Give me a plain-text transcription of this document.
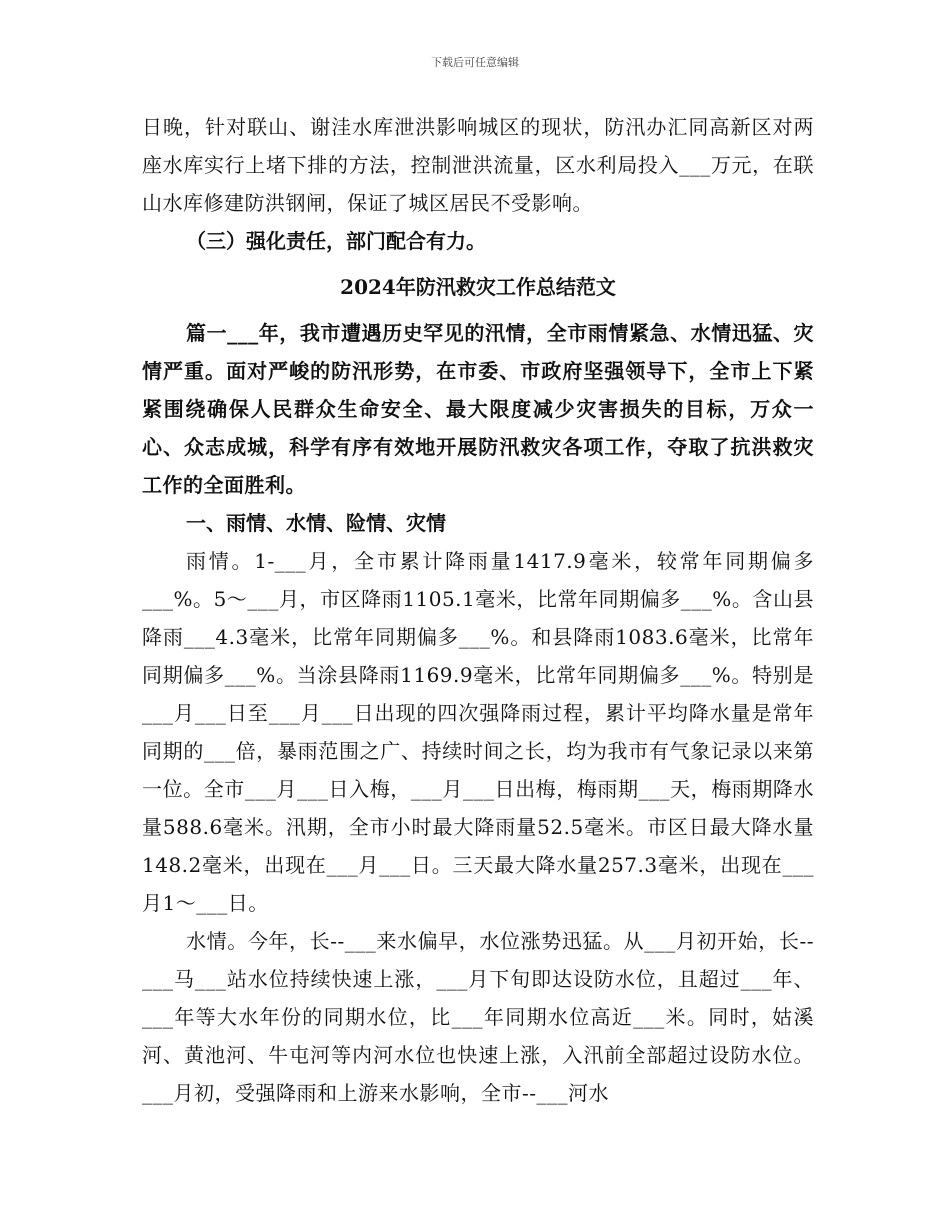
下载后可任意编辑

日晚，针对联山、谢洼水库泄洪影响城区的现状，防汛办汇同高新区对两座水库实行上堵下排的方法，控制泄洪流量，区水利局投入___万元，在联山水库修建防洪钢闸，保证了城区居民不受影响。

（三）强化责任，部门配合有力。

2024年防汛救灾工作总结范文

篇一___年，我市遭遇历史罕见的汛情，全市雨情紧急、水情迅猛、灾情严重。面对严峻的防汛形势，在市委、市政府坚强领导下，全市上下紧紧围绕确保人民群众生命安全、最大限度减少灾害损失的目标，万众一心、众志成城，科学有序有效地开展防汛救灾各项工作，夺取了抗洪救灾工作的全面胜利。

一、雨情、水情、险情、灾情

雨情。1-___月，全市累计降雨量1417.9毫米，较常年同期偏多___%。5～___月，市区降雨1105.1毫米，比常年同期偏多___%。含山县降雨___4.3毫米，比常年同期偏多___%。和县降雨1083.6毫米，比常年同期偏多___%。当涂县降雨1169.9毫米，比常年同期偏多___%。特别是___月___日至___月___日出现的四次强降雨过程，累计平均降水量是常年同期的___倍，暴雨范围之广、持续时间之长，均为我市有气象记录以来第一位。全市___月___日入梅，___月___日出梅，梅雨期___天，梅雨期降水量588.6毫米。汛期，全市小时最大降雨量52.5毫米。市区日最大降水量148.2毫米，出现在___月___日。三天最大降水量257.3毫米，出现在___月1～___日。

水情。今年，长--___来水偏早，水位涨势迅猛。从___月初开始，长--___马___站水位持续快速上涨，___月下旬即达设防水位，且超过___年、___年等大水年份的同期水位，比___年同期水位高近___米。同时，姑溪河、黄池河、牛屯河等内河水位也快速上涨，入汛前全部超过设防水位。___月初，受强降雨和上游来水影响，全市--___河水
